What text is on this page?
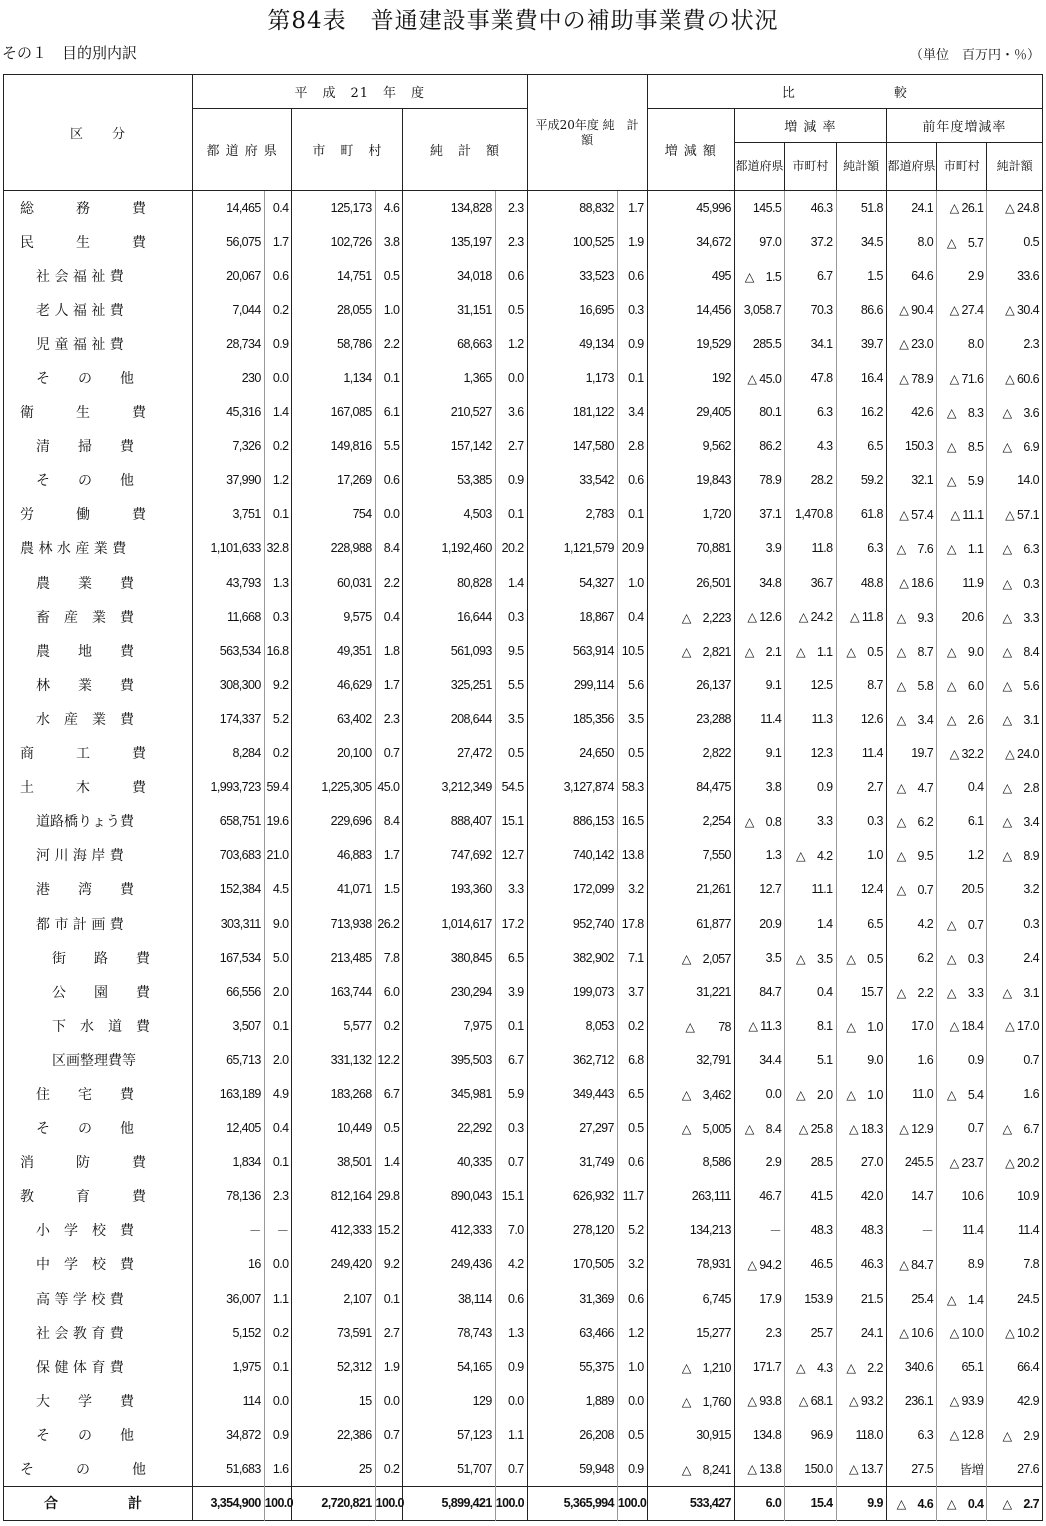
第84表　普通建設事業費中の補助事業費の状況
その１　目的別内訳	（単位　百万円・％）
区　　分	平　成　21　年　度						平成20年度 純　計　額		比　　　　　　　較						
	都 道 府 県		市　町　村		純　計　額				増 減 額	増 減 率			前年度増減率		
										都道府県	市町村	純計額	都道府県	市町村	純計額
総　　　務　　　費	14,465	0.4	125,173	4.6	134,828	2.3	88,832	1.7	45,996	145.5	46.3	51.8	24.1	△ 26.1	△ 24.8
民　　　生　　　費	56,075	1.7	102,726	3.8	135,197	2.3	100,525	1.9	34,672	97.0	37.2	34.5	8.0	△　5.7	0.5
社 会 福 祉 費	20,067	0.6	14,751	0.5	34,018	0.6	33,523	0.6	495	△　1.5	6.7	1.5	64.6	2.9	33.6
老 人 福 祉 費	7,044	0.2	28,055	1.0	31,151	0.5	16,695	0.3	14,456	3,058.7	70.3	86.6	△ 90.4	△ 27.4	△ 30.4
児 童 福 祉 費	28,734	0.9	58,786	2.2	68,663	1.2	49,134	0.9	19,529	285.5	34.1	39.7	△ 23.0	8.0	2.3
そ　　の　　他	230	0.0	1,134	0.1	1,365	0.0	1,173	0.1	192	△ 45.0	47.8	16.4	△ 78.9	△ 71.6	△ 60.6
衛　　　生　　　費	45,316	1.4	167,085	6.1	210,527	3.6	181,122	3.4	29,405	80.1	6.3	16.2	42.6	△　8.3	△　3.6
清　　掃　　費	7,326	0.2	149,816	5.5	157,142	2.7	147,580	2.8	9,562	86.2	4.3	6.5	150.3	△　8.5	△　6.9
そ　　の　　他	37,990	1.2	17,269	0.6	53,385	0.9	33,542	0.6	19,843	78.9	28.2	59.2	32.1	△　5.9	14.0
労　　　働　　　費	3,751	0.1	754	0.0	4,503	0.1	2,783	0.1	1,720	37.1	1,470.8	61.8	△ 57.4	△ 11.1	△ 57.1
農 林 水 産 業 費	1,101,633	32.8	228,988	8.4	1,192,460	20.2	1,121,579	20.9	70,881	3.9	11.8	6.3	△　7.6	△　1.1	△　6.3
農　　業　　費	43,793	1.3	60,031	2.2	80,828	1.4	54,327	1.0	26,501	34.8	36.7	48.8	△ 18.6	11.9	△　0.3
畜　産　業　費	11,668	0.3	9,575	0.4	16,644	0.3	18,867	0.4	△　2,223	△ 12.6	△ 24.2	△ 11.8	△　9.3	20.6	△　3.3
農　　地　　費	563,534	16.8	49,351	1.8	561,093	9.5	563,914	10.5	△　2,821	△　2.1	△　1.1	△　0.5	△　8.7	△　9.0	△　8.4
林　　業　　費	308,300	9.2	46,629	1.7	325,251	5.5	299,114	5.6	26,137	9.1	12.5	8.7	△　5.8	△　6.0	△　5.6
水　産　業　費	174,337	5.2	63,402	2.3	208,644	3.5	185,356	3.5	23,288	11.4	11.3	12.6	△　3.4	△　2.6	△　3.1
商　　　工　　　費	8,284	0.2	20,100	0.7	27,472	0.5	24,650	0.5	2,822	9.1	12.3	11.4	19.7	△ 32.2	△ 24.0
土　　　木　　　費	1,993,723	59.4	1,225,305	45.0	3,212,349	54.5	3,127,874	58.3	84,475	3.8	0.9	2.7	△　4.7	0.4	△　2.8
道路橋りょう費	658,751	19.6	229,696	8.4	888,407	15.1	886,153	16.5	2,254	△　0.8	3.3	0.3	△　6.2	6.1	△　3.4
河 川 海 岸 費	703,683	21.0	46,883	1.7	747,692	12.7	740,142	13.8	7,550	1.3	△　4.2	1.0	△　9.5	1.2	△　8.9
港　　湾　　費	152,384	4.5	41,071	1.5	193,360	3.3	172,099	3.2	21,261	12.7	11.1	12.4	△　0.7	20.5	3.2
都 市 計 画 費	303,311	9.0	713,938	26.2	1,014,617	17.2	952,740	17.8	61,877	20.9	1.4	6.5	4.2	△　0.7	0.3
街　　路　　費	167,534	5.0	213,485	7.8	380,845	6.5	382,902	7.1	△　2,057	3.5	△　3.5	△　0.5	6.2	△　0.3	2.4
公　　園　　費	66,556	2.0	163,744	6.0	230,294	3.9	199,073	3.7	31,221	84.7	0.4	15.7	△　2.2	△　3.3	△　3.1
下　水　道　費	3,507	0.1	5,577	0.2	7,975	0.1	8,053	0.2	△　　78	△ 11.3	8.1	△　1.0	17.0	△ 18.4	△ 17.0
区画整理費等	65,713	2.0	331,132	12.2	395,503	6.7	362,712	6.8	32,791	34.4	5.1	9.0	1.6	0.9	0.7
住　　宅　　費	163,189	4.9	183,268	6.7	345,981	5.9	349,443	6.5	△　3,462	0.0	△　2.0	△　1.0	11.0	△　5.4	1.6
そ　　の　　他	12,405	0.4	10,449	0.5	22,292	0.3	27,297	0.5	△　5,005	△　8.4	△ 25.8	△ 18.3	△ 12.9	0.7	△　6.7
消　　　防　　　費	1,834	0.1	38,501	1.4	40,335	0.7	31,749	0.6	8,586	2.9	28.5	27.0	245.5	△ 23.7	△ 20.2
教　　　育　　　費	78,136	2.3	812,164	29.8	890,043	15.1	626,932	11.7	263,111	46.7	41.5	42.0	14.7	10.6	10.9
小　学　校　費	－	－	412,333	15.2	412,333	7.0	278,120	5.2	134,213	－	48.3	48.3	－	11.4	11.4
中　学　校　費	16	0.0	249,420	9.2	249,436	4.2	170,505	3.2	78,931	△ 94.2	46.5	46.3	△ 84.7	8.9	7.8
高 等 学 校 費	36,007	1.1	2,107	0.1	38,114	0.6	31,369	0.6	6,745	17.9	153.9	21.5	25.4	△　1.4	24.5
社 会 教 育 費	5,152	0.2	73,591	2.7	78,743	1.3	63,466	1.2	15,277	2.3	25.7	24.1	△ 10.6	△ 10.0	△ 10.2
保 健 体 育 費	1,975	0.1	52,312	1.9	54,165	0.9	55,375	1.0	△　1,210	171.7	△　4.3	△　2.2	340.6	65.1	66.4
大　　学　　費	114	0.0	15	0.0	129	0.0	1,889	0.0	△　1,760	△ 93.8	△ 68.1	△ 93.2	236.1	△ 93.9	42.9
そ　　の　　他	34,872	0.9	22,386	0.7	57,123	1.1	26,208	0.5	30,915	134.8	96.9	118.0	6.3	△ 12.8	△　2.9
そ　　　の　　　他	51,683	1.6	25	0.2	51,707	0.7	59,948	0.9	△　8,241	△ 13.8	150.0	△ 13.7	27.5	皆増	27.6
合　　　　　計	3,354,900	100.0	2,720,821	100.0	5,899,421	100.0	5,365,994	100.0	533,427	6.0	15.4	9.9	△　4.6	△　0.4	△　2.7
